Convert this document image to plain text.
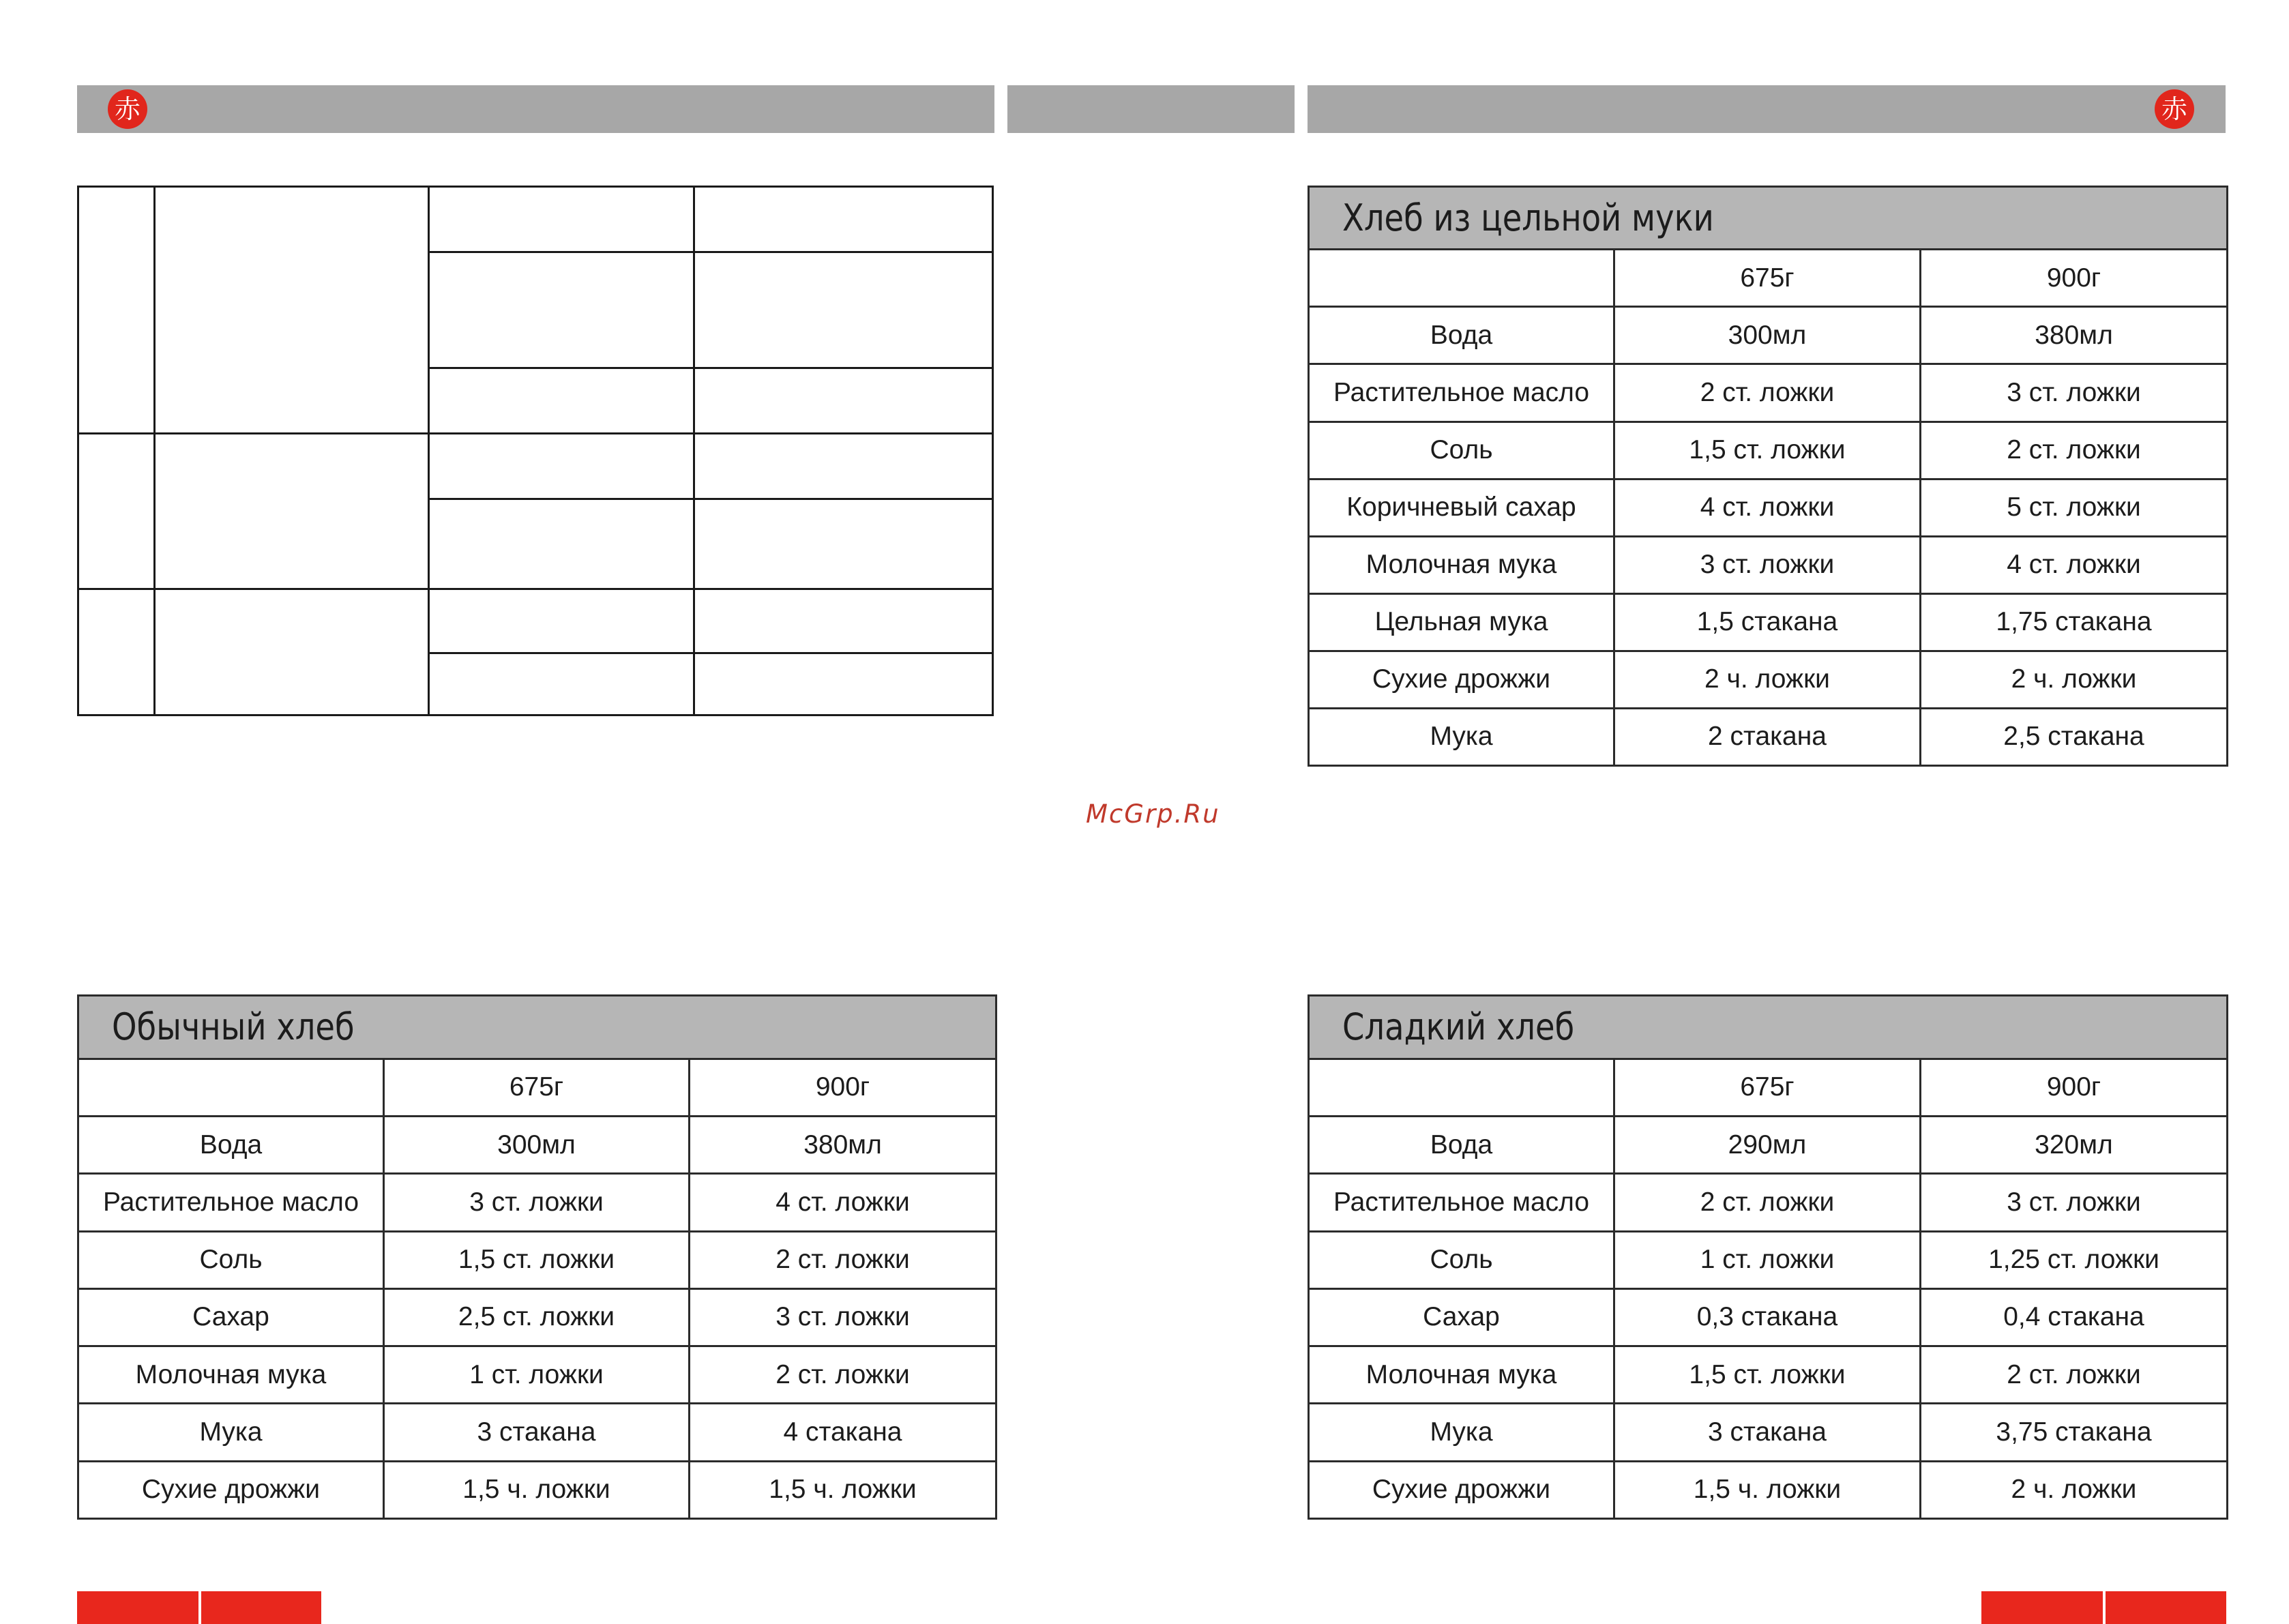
赤	赤
McGrp.Ru
Хлеб из цельной муки		
	675г	900г
Вода	300мл	380мл
Растительное масло	2 ст. ложки	3 ст. ложки
Соль	1,5 ст. ложки	2 ст. ложки
Коричневый сахар	4 ст. ложки	5 ст. ложки
Молочная мука	3 ст. ложки	4 ст. ложки
Цельная мука	1,5 стакана	1,75 стакана
Сухие дрожжи	2 ч. ложки	2 ч. ложки
Мука	2 стакана	2,5 стакана
Обычный хлеб		
	675г	900г
Вода	300мл	380мл
Растительное масло	3 ст. ложки	4 ст. ложки
Соль	1,5 ст. ложки	2 ст. ложки
Сахар	2,5 ст. ложки	3 ст. ложки
Молочная мука	1 ст. ложки	2 ст. ложки
Мука	3 стакана	4 стакана
Сухие дрожжи	1,5 ч. ложки	1,5 ч. ложки
Сладкий хлеб		
	675г	900г
Вода	290мл	320мл
Растительное масло	2 ст. ложки	3 ст. ложки
Соль	1 ст. ложки	1,25 ст. ложки
Сахар	0,3 стакана	0,4 стакана
Молочная мука	1,5 ст. ложки	2 ст. ложки
Мука	3 стакана	3,75 стакана
Сухие дрожжи	1,5 ч. ложки	2 ч. ложки
